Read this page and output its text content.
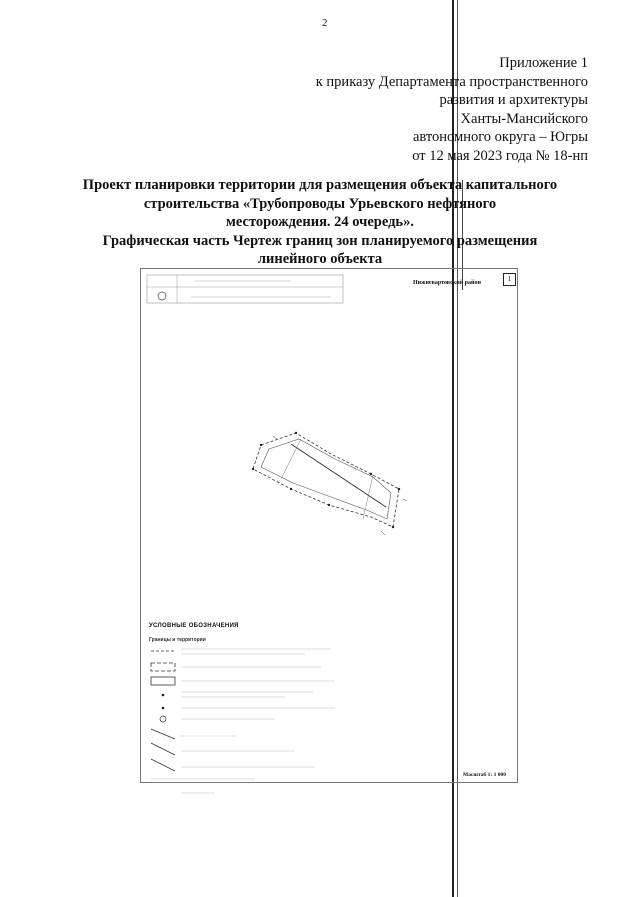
2
Приложение 1
к приказу Департамента пространственного
развития и архитектуры
Ханты-Мансийского
автономного округа – Югры
от 12 мая 2023 года № 18-нп
Проект планировки территории для размещения объекта капитального
строительства «Трубопроводы Урьевского нефтяного
месторождения. 24 очередь».
Графическая часть Чертеж границ зон планируемого размещения
линейного объекта
Нижневартовский район	1
УСЛОВНЫЕ ОБОЗНАЧЕНИЯ
Границы и территории
Масштаб 1: 1 000
